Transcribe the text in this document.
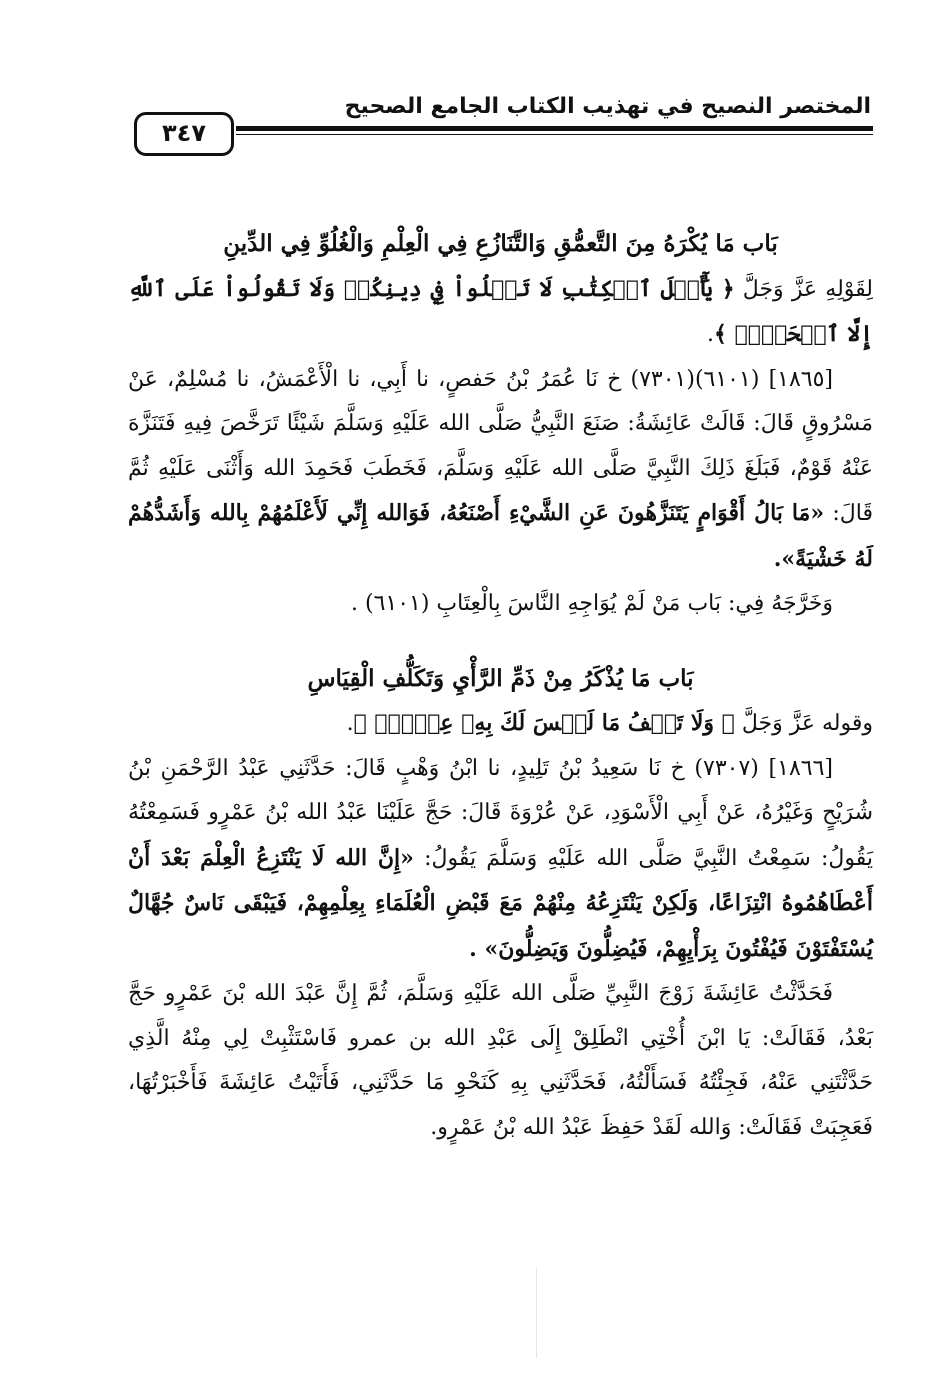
المختصر النصيح في تهذيب الكتاب الجامع الصحيح
٣٤٧

بَاب مَا يُكْرَهُ مِنَ التَّعمُّقِ وَالتَّنَازُعِ فِي الْعِلْمِ وَالْغُلُوِّ فِي الدِّينِ

لِقَوْلِهِ عَزَّ وَجَلَّ ﴿ يَٰٓأَهۡلَ ٱلۡكِتَٰبِ لَا تَغۡلُواْ فِي دِينِكُمۡ وَلَا تَقُولُواْ عَلَى ٱللَّهِ إِلَّا ٱلۡحَقَّۚ ﴾.

[١٨٦٥] (٦١٠١)(٧٣٠١) خ نَا عُمَرُ بْنُ حَفصٍ، نا أَبِي، نا الْأَعْمَشُ، نا مُسْلِمٌ، عَنْ مَسْرُوقٍ قَالَ: قَالَتْ عَائِشَةُ: صَنَعَ النَّبِيُّ صَلَّى الله عَلَيْهِ وَسَلَّمَ شَيْئًا تَرَخَّصَ فِيهِ فَتَنَزَّهَ عَنْهُ قَوْمٌ، فَبَلَغَ ذَلِكَ النَّبِيَّ صَلَّى الله عَلَيْهِ وَسَلَّمَ، فَخَطَبَ فَحَمِدَ الله وَأَثْنَى عَلَيْهِ ثُمَّ قَالَ: «مَا بَالُ أَقْوَامٍ يَتَنَزَّهُونَ عَنِ الشَّيْءِ أَصْنَعُهُ، فَوَالله إِنِّي لَأَعْلَمُهُمْ بِالله وَأَشَدُّهُمْ لَهُ خَشْيَةً».

وَخَرَّجَهُ فِي: بَاب مَنْ لَمْ يُوَاجِهِ النَّاسَ بِالْعِتَابِ (٦١٠١) .

بَاب مَا يُذْكَرُ مِنْ ذَمِّ الرَّأْيِ وَتَكَلُّفِ الْقِيَاسِ

وقوله عَزَّ وَجَلَّ ﴿ وَلَا تَقۡفُ مَا لَيۡسَ لَكَ بِهِۦ عِلۡمٌۚ ﴾.

[١٨٦٦] (٧٣٠٧) خ نَا سَعِيدُ بْنُ تَلِيدٍ، نا ابْنُ وَهْبٍ قَالَ: حَدَّثَنِي عَبْدُ الرَّحْمَنِ بْنُ شُرَيْحٍ وَغَيْرُهُ، عَنْ أَبِي الْأَسْوَدِ، عَنْ عُرْوَةَ قَالَ: حَجَّ عَلَيْنَا عَبْدُ الله بْنُ عَمْرٍو فَسَمِعْتُهُ يَقُولُ: سَمِعْتُ النَّبِيَّ صَلَّى الله عَلَيْهِ وَسَلَّمَ يَقُولُ: «إِنَّ الله لَا يَنْتَزِعُ الْعِلْمَ بَعْدَ أَنْ أَعْطَاهُمُوهُ انْتِزَاعًا، وَلَكِنْ يَنْتَزِعُهُ مِنْهُمْ مَعَ قَبْضِ الْعُلَمَاءِ بِعِلْمِهِمْ، فَيَبْقَى نَاسٌ جُهَّالٌ يُسْتَفْتَوْنَ فَيُفْتُونَ بِرَأْيِهِمْ، فَيُضِلُّونَ وَيَضِلُّونَ» .

فَحَدَّثْتُ عَائِشَةَ زَوْجَ النَّبِيِّ صَلَّى الله عَلَيْهِ وَسَلَّمَ، ثُمَّ إِنَّ عَبْدَ الله بْنَ عَمْرٍو حَجَّ بَعْدُ، فَقَالَتْ: يَا ابْنَ أُخْتِي انْطَلِقْ إِلَى عَبْدِ الله بن عمرو فَاسْتَثْبِتْ لِي مِنْهُ الَّذِي حَدَّثْتَنِي عَنْهُ، فَجِئْتُهُ فَسَأَلْتُهُ، فَحَدَّثَنِي بِهِ كَنَحْوِ مَا حَدَّثَنِي، فَأَتَيْتُ عَائِشَةَ فَأَخْبَرْتُهَا، فَعَجِبَتْ فَقَالَتْ: وَالله لَقَدْ حَفِظَ عَبْدُ الله بْنُ عَمْرٍو.
